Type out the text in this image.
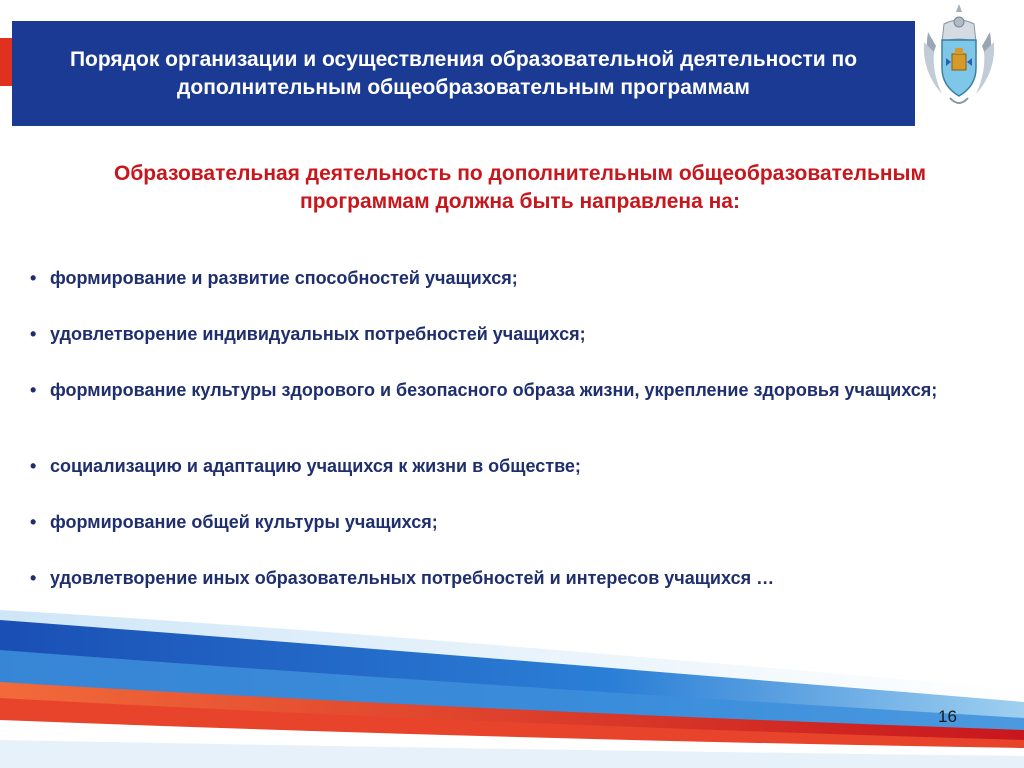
Порядок организации и осуществления образовательной деятельности по дополнительным общеобразовательным программам

Образовательная деятельность по дополнительным общеобразовательным программам должна быть направлена на:

• формирование и развитие способностей учащихся;
• удовлетворение индивидуальных потребностей учащихся;
• формирование культуры здорового и безопасного образа жизни, укрепление здоровья учащихся;
• социализацию и адаптацию учащихся к жизни в обществе;
• формирование общей культуры учащихся;
• удовлетворение иных образовательных потребностей и интересов учащихся …

16
